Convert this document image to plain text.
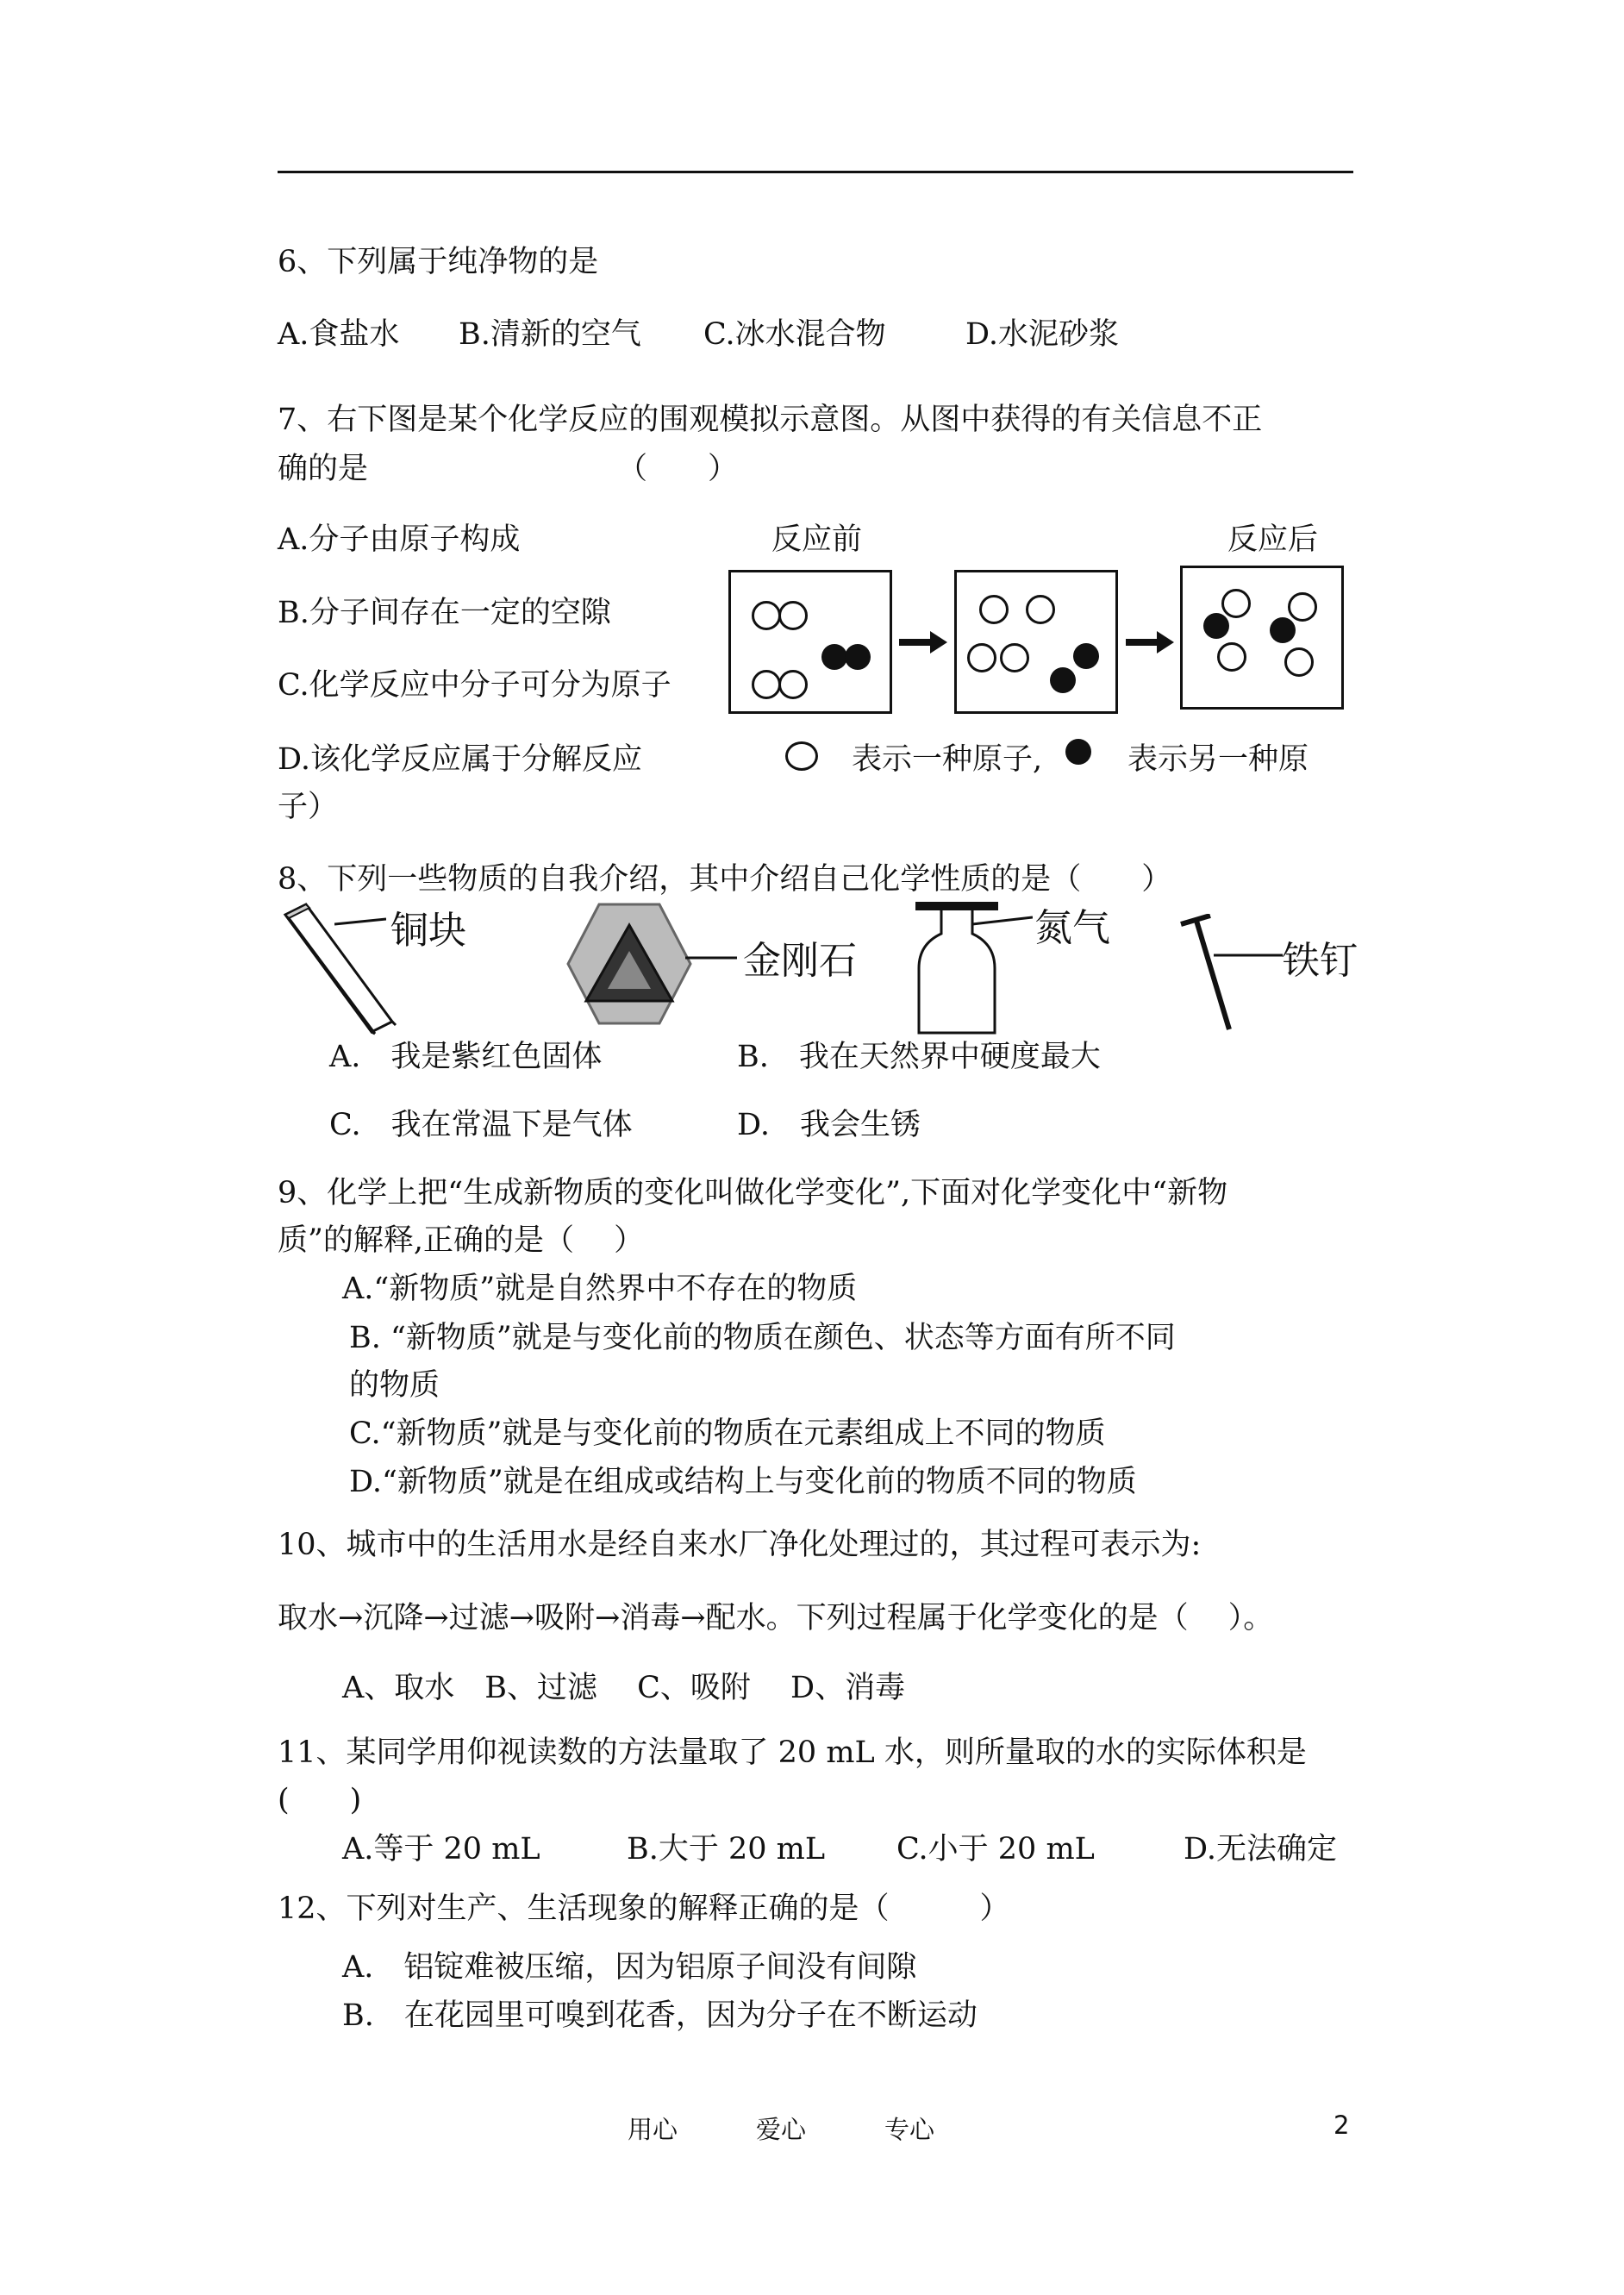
6、下列属于纯净物的是
A.食盐水 B.清新的空气 C.冰水混合物	D.水泥砂浆
7、右下图是某个化学反应的围观模拟示意图。从图中获得的有关信息不正
确的是	（　　）
A.分子由原子构成
B.分子间存在一定的空隙
C.化学反应中分子可分为原子
D.该化学反应属于分解反应
子）
反应前	反应后
表示一种原子,	表示另一种原
8、下列一些物质的自我介绍，其中介绍自己化学性质的是（　　）
铜块
金刚石
氮气
铁钉
A.　我是紫红色固体	B.　我在天然界中硬度最大
C.　我在常温下是气体	D.　我会生锈
9、化学上把“生成新物质的变化叫做化学变化”,下面对化学变化中“新物
质”的解释,正确的是（　 ）
A.“新物质”就是自然界中不存在的物质
B. “新物质”就是与变化前的物质在颜色、状态等方面有所不同
的物质
C.“新物质”就是与变化前的物质在元素组成上不同的物质
D.“新物质”就是在组成或结构上与变化前的物质不同的物质
10、城市中的生活用水是经自来水厂净化处理过的，其过程可表示为:
取水→沉降→过滤→吸附→消毒→配水。下列过程属于化学变化的是（　 ）。
A、取水　B、过滤　 C、吸附　 D、消毒
11、某同学用仰视读数的方法量取了 20 mL 水，则所量取的水的实际体积是
(　　)
A.等于 20 mL	B.大于 20 mL C.小于 20 mL	D.无法确定
12、下列对生产、生活现象的解释正确的是（　　　）
A.　铝锭难被压缩，因为铝原子间没有间隙
B.　在花园里可嗅到花香，因为分子在不断运动
用心	爱心	专心	2
